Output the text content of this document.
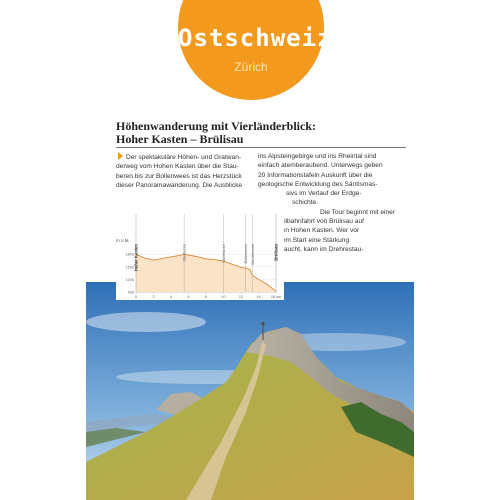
Ostschweiz
Zürich
Höhenwanderung mit Vierländerblick:
Hoher Kasten – Brülisau
Der spektakuläre Höhen- und Gratwan-
derweg vom Hohen Kasten über die Stau-
beren bis zur Bollenwees ist das Herzstück
dieser Panoramawanderung. Die Ausblicke
ins Alpsteingebirge und ins Rheintal sind
einfach atemberaubend. Unterwegs geben
20 Informationstafeln Auskunft über die
geologische Entwicklung des Säntismas-
sivs im Verlauf der Erdge-
schichte.
Die Tour beginnt mit einer
Seilbahnfahrt von Brülisau auf
den Hohen Kasten. Wer vor
dem Start eine Stärkung
braucht, kann im Drehrestau-
m ü.M.
1800
1500
1200
900
0	2	4	6	8	10	12	14	16 km
Hoher Kasten	Brülisau
Stauberen	Saxerlücke	Bollenwees Sämtisersee
